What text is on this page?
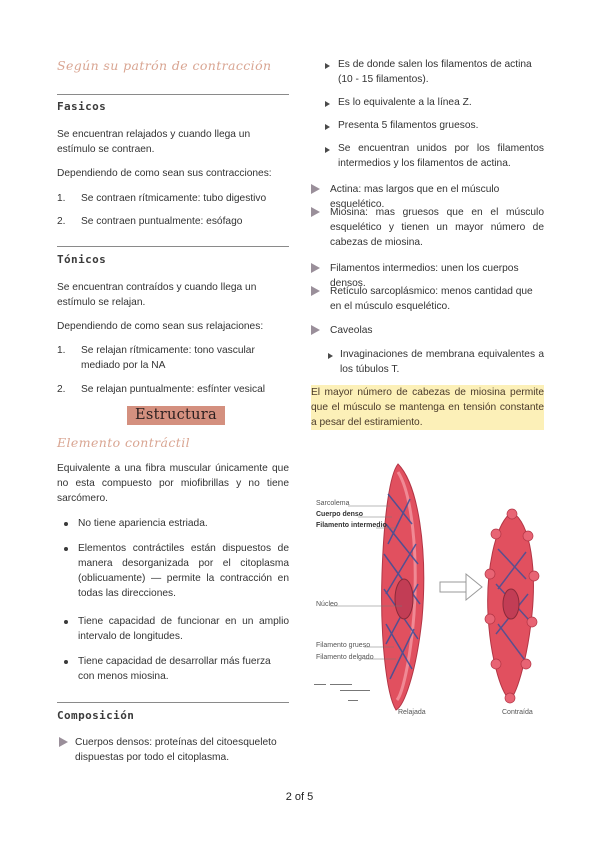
Según su patrón de contracción
Fasicos
Se encuentran relajados y cuando llega un estímulo se contraen.
Dependiendo de como sean sus contracciones:
1. Se contraen rítmicamente: tubo digestivo
2. Se contraen puntualmente: esófago
Tónicos
Se encuentran contraídos y cuando llega un estímulo se relajan.
Dependiendo de como sean sus relajaciones:
1.	Se relajan rítmicamente: tono vascular mediado por la NA
2. Se relajan puntualmente: esfínter vesical
Estructura
Elemento contráctil
Equivalente a una fibra muscular únicamente que no esta compuesto por miofibrillas y no tiene sarcómero.
No tiene apariencia estriada.
Elementos contráctiles están dispuestos de manera desorganizada por el citoplasma (oblicuamente) — permite la contracción en todas las direcciones.
Tiene capacidad de funcionar en un amplio intervalo de longitudes.
Tiene capacidad de desarrollar más fuerza con menos miosina.
Composición
Cuerpos densos: proteínas del citoesqueleto dispuestas por todo el citoplasma.
Es de donde salen los filamentos de actina (10 - 15 filamentos).
Es lo equivalente a la línea Z.
Presenta 5 filamentos gruesos.
Se encuentran unidos por los filamentos intermedios y los filamentos de actina.
Actina: mas largos que en el músculo esquelético.
Miosina: mas gruesos que en el músculo esquelético y tienen un mayor número de cabezas de miosina.
Filamentos intermedios: unen los cuerpos densos.
Retículo sarcoplásmico: menos cantidad que en el músculo esquelético.
Caveolas
Invaginaciones de membrana equivalentes a los túbulos T.
El mayor número de cabezas de miosina permite que el músculo se mantenga en tensión constante a pesar del estiramiento.
Sarcolema
Cuerpo denso
Filamento intermedio
Núcleo
Filamento grueso
Filamento delgado
Relajada	Contraída
2 of 5
